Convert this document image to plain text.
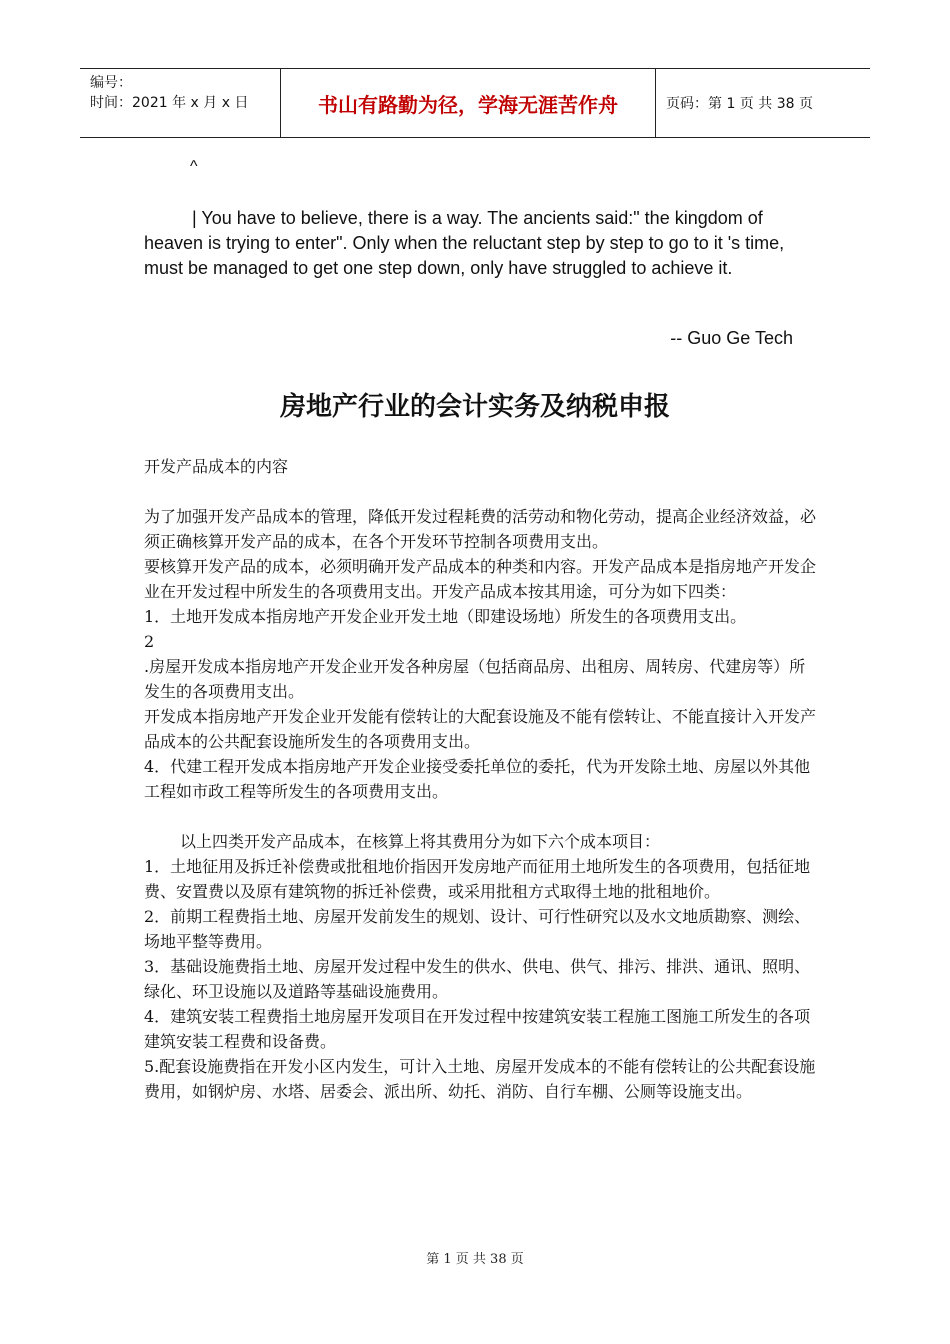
编号：
时间：2021 年 x 月 x 日	书山有路勤为径，学海无涯苦作舟	页码：第 1 页 共 38 页
^
| You have to believe, there is a way. The ancients said:" the kingdom of heaven is trying to enter". Only when the reluctant step by step to go to it 's time, must be managed to get one step down, only have struggled to achieve it.
-- Guo Ge Tech
房地产行业的会计实务及纳税申报

开发产品成本的内容

为了加强开发产品成本的管理，降低开发过程耗费的活劳动和物化劳动，提高企业经济效益，必须正确核算开发产品的成本，在各个开发环节控制各项费用支出。

要核算开发产品的成本，必须明确开发产品成本的种类和内容。开发产品成本是指房地产开发企业在开发过程中所发生的各项费用支出。开发产品成本按其用途，可分为如下四类：

1．土地开发成本指房地产开发企业开发土地（即建设场地）所发生的各项费用支出。

2

.房屋开发成本指房地产开发企业开发各种房屋（包括商品房、出租房、周转房、代建房等）所发生的各项费用支出。

开发成本指房地产开发企业开发能有偿转让的大配套设施及不能有偿转让、不能直接计入开发产品成本的公共配套设施所发生的各项费用支出。

4．代建工程开发成本指房地产开发企业接受委托单位的委托，代为开发除土地、房屋以外其他工程如市政工程等所发生的各项费用支出。

以上四类开发产品成本，在核算上将其费用分为如下六个成本项目：

1．土地征用及拆迁补偿费或批租地价指因开发房地产而征用土地所发生的各项费用，包括征地费、安置费以及原有建筑物的拆迁补偿费，或采用批租方式取得土地的批租地价。

2．前期工程费指土地、房屋开发前发生的规划、设计、可行性研究以及水文地质勘察、测绘、场地平整等费用。

3．基础设施费指土地、房屋开发过程中发生的供水、供电、供气、排污、排洪、通讯、照明、绿化、环卫设施以及道路等基础设施费用。

4．建筑安装工程费指土地房屋开发项目在开发过程中按建筑安装工程施工图施工所发生的各项建筑安装工程费和设备费。

5.配套设施费指在开发小区内发生，可计入土地、房屋开发成本的不能有偿转让的公共配套设施费用，如钢炉房、水塔、居委会、派出所、幼托、消防、自行车棚、公厕等设施支出。

第 1 页 共 38 页
